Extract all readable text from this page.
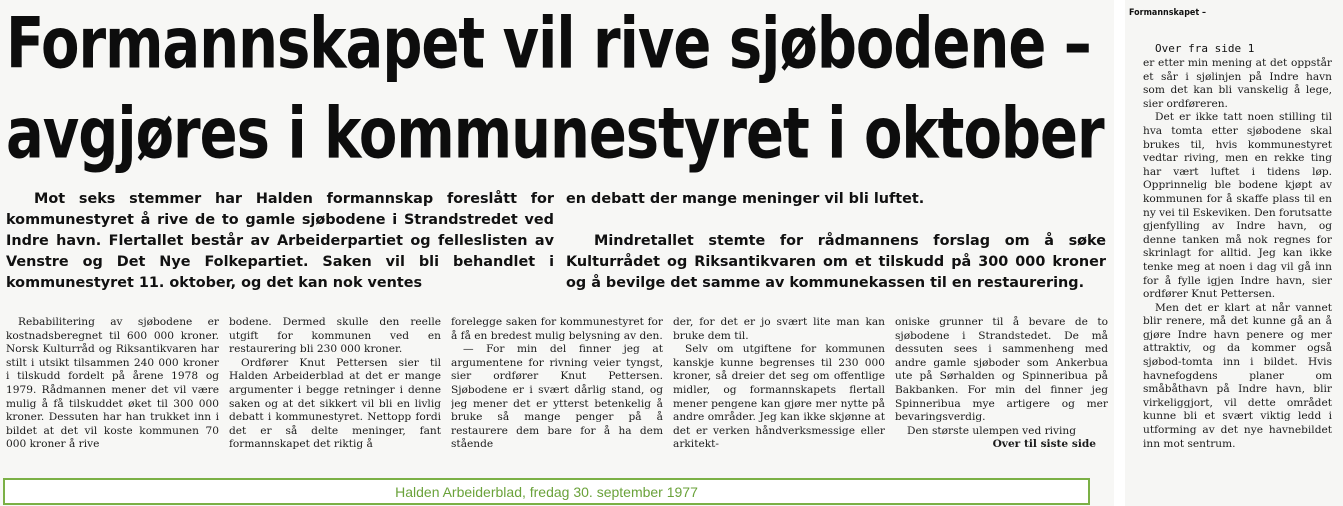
Formannskapet vil rive sjøbodene –
avgjøres i kommunestyret i oktober

Mot seks stemmer har Halden formannskap foreslått for kommunestyret å rive de to gamle sjøbodene i Strandstredet ved Indre havn. Flertallet består av Arbeiderpartiet og felleslisten av Venstre og Det Nye Folkepartiet. Saken vil bli behandlet i kommunestyret 11. oktober, og det kan nok ventes

en debatt der mange meninger vil bli luftet.

Mindretallet stemte for rådmannens forslag om å søke Kulturrådet og Riksantikvaren om et tilskudd på 300 000 kroner og å bevilge det samme av kommunekassen til en restaurering.

Rebabilitering av sjøbodene er kostnadsberegnet til 600 000 kroner. Norsk Kulturråd og Riksantikvaren har stilt i utsikt tilsammen 240 000 kroner i tilskudd fordelt på årene 1978 og 1979. Rådmannen mener det vil være mulig å få tilskuddet øket til 300 000 kroner. Dessuten har han trukket inn i bildet at det vil koste kommunen 70 000 kroner å rive

bodene. Dermed skulle den reelle utgift for kommunen ved en restaurering bli 230 000 kroner.

Ordfører Knut Pettersen sier til Halden Arbeiderblad at det er mange argumenter i begge retninger i denne saken og at det sikkert vil bli en livlig debatt i kommunestyret. Nettopp fordi det er så delte meninger, fant formannskapet det riktig å

forelegge saken for kommunestyret for å få en bredest mulig belysning av den.

— For min del finner jeg at argumentene for rivning veier tyngst, sier ordfører Knut Pettersen. Sjøbodene er i svært dårlig stand, og jeg mener det er ytterst betenkelig å bruke så mange penger på å restaurere dem bare for å ha dem stående

der, for det er jo svært lite man kan bruke dem til.

Selv om utgiftene for kommunen kanskje kunne begrenses til 230 000 kroner, så dreier det seg om offentlige midler, og formannskapets flertall mener pengene kan gjøre mer nytte på andre områder. Jeg kan ikke skjønne at det er verken håndverksmessige eller arkitekt-

oniske grunner til å bevare de to sjøbodene i Strandstedet. De må dessuten sees i sammenheng med andre gamle sjøboder som Ankerbua ute på Sørhalden og Spinneribua på Bakbanken. For min del finner jeg Spinneribua mye artigere og mer bevaringsverdig.

Den største ulempen ved riving

Over til siste side

Halden Arbeiderblad, fredag 30. september 1977
Formannskapet –
Over fra side 1

er etter min mening at det oppstår et sår i sjølinjen på Indre havn som det kan bli vanskelig å lege, sier ordføreren.

Det er ikke tatt noen stilling til hva tomta etter sjøbodene skal brukes til, hvis kommunestyret vedtar riving, men en rekke ting har vært luftet i tidens løp. Opprinnelig ble bodene kjøpt av kommunen for å skaffe plass til en ny vei til Eskeviken. Den forutsatte gjenfylling av Indre havn, og denne tanken må nok regnes for skrinlagt for alltid. Jeg kan ikke tenke meg at noen i dag vil gå inn for å fylle igjen Indre havn, sier ordfører Knut Pettersen.

Men det er klart at når vannet blir renere, må det kunne gå an å gjøre Indre havn penere og mer attraktiv, og da kommer også sjøbod-tomta inn i bildet. Hvis havnefogdens planer om småbåthavn på Indre havn, blir virkeliggjort, vil dette området kunne bli et svært viktig ledd i utforming av det nye havnebildet inn mot sentrum.
